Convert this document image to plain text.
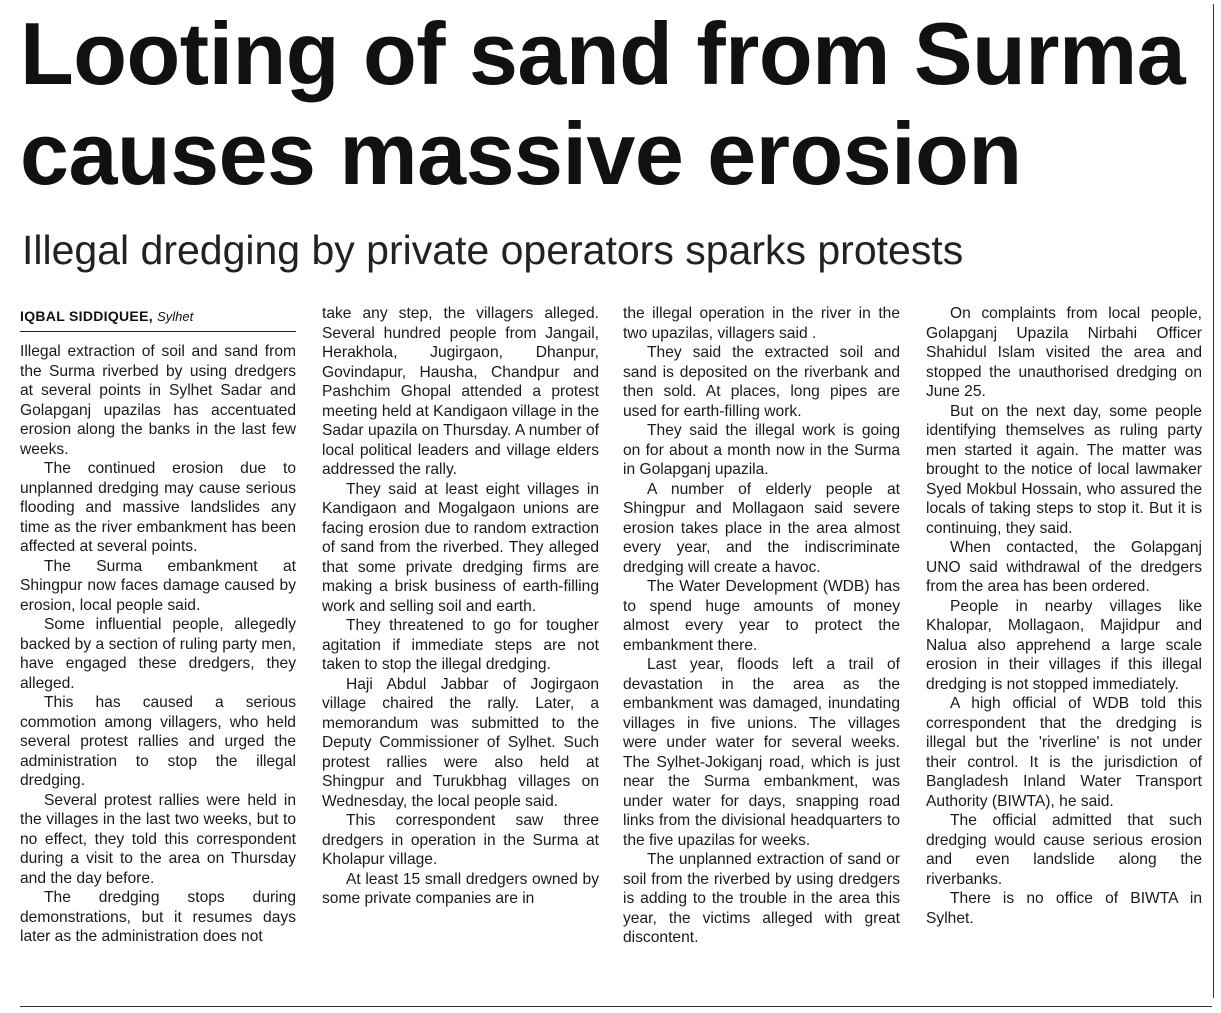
Looting of sand from Surma causes massive erosion
Illegal dredging by private operators sparks protests
IQBAL SIDDIQUEE, Sylhet

Illegal extraction of soil and sand from the Surma riverbed by using dredgers at several points in Sylhet Sadar and Golapganj upazilas has accentuated erosion along the banks in the last few weeks.

The continued erosion due to unplanned dredging may cause serious flooding and massive landslides any time as the river embankment has been affected at several points.

The Surma embankment at Shingpur now faces damage caused by erosion, local people said.

Some influential people, allegedly backed by a section of ruling party men, have engaged these dredgers, they alleged.

This has caused a serious commotion among villagers, who held several protest rallies and urged the administration to stop the illegal dredging.

Several protest rallies were held in the villages in the last two weeks, but to no effect, they told this correspondent during a visit to the area on Thursday and the day before.

The dredging stops during demonstrations, but it resumes days later as the administration does not

take any step, the villagers alleged. Several hundred people from Jangail, Herakhola, Jugirgaon, Dhanpur, Govindapur, Hausha, Chandpur and Pashchim Ghopal attended a protest meeting held at Kandigaon village in the Sadar upazila on Thursday. A number of local political leaders and village elders addressed the rally.

They said at least eight villages in Kandigaon and Mogalgaon unions are facing erosion due to random extraction of sand from the riverbed. They alleged that some private dredging firms are making a brisk business of earth-filling work and selling soil and earth.

They threatened to go for tougher agitation if immediate steps are not taken to stop the illegal dredging.

Haji Abdul Jabbar of Jogirgaon village chaired the rally. Later, a memorandum was submitted to the Deputy Commissioner of Sylhet. Such protest rallies were also held at Shingpur and Turukbhag villages on Wednesday, the local people said.

This correspondent saw three dredgers in operation in the Surma at Kholapur village.

At least 15 small dredgers owned by some private companies are in

the illegal operation in the river in the two upazilas, villagers said .

They said the extracted soil and sand is deposited on the riverbank and then sold. At places, long pipes are used for earth-filling work.

They said the illegal work is going on for about a month now in the Surma in Golapganj upazila.

A number of elderly people at Shingpur and Mollagaon said severe erosion takes place in the area almost every year, and the indiscriminate dredging will create a havoc.

The Water Development (WDB) has to spend huge amounts of money almost every year to protect the embankment there.

Last year, floods left a trail of devastation in the area as the embankment was damaged, inundating villages in five unions. The villages were under water for several weeks. The Sylhet-Jokiganj road, which is just near the Surma embankment, was under water for days, snapping road links from the divisional headquarters to the five upazilas for weeks.

The unplanned extraction of sand or soil from the riverbed by using dredgers is adding to the trouble in the area this year, the victims alleged with great discontent.

On complaints from local people, Golapganj Upazila Nirbahi Officer Shahidul Islam visited the area and stopped the unauthorised dredging on June 25.

But on the next day, some people identifying themselves as ruling party men started it again. The matter was brought to the notice of local lawmaker Syed Mokbul Hossain, who assured the locals of taking steps to stop it. But it is continuing, they said.

When contacted, the Golapganj UNO said withdrawal of the dredgers from the area has been ordered.

People in nearby villages like Khalopar, Mollagaon, Majidpur and Nalua also apprehend a large scale erosion in their villages if this illegal dredging is not stopped immediately.

A high official of WDB told this correspondent that the dredging is illegal but the 'riverline' is not under their control. It is the jurisdiction of Bangladesh Inland Water Transport Authority (BIWTA), he said.

The official admitted that such dredging would cause serious erosion and even landslide along the riverbanks.

There is no office of BIWTA in Sylhet.
